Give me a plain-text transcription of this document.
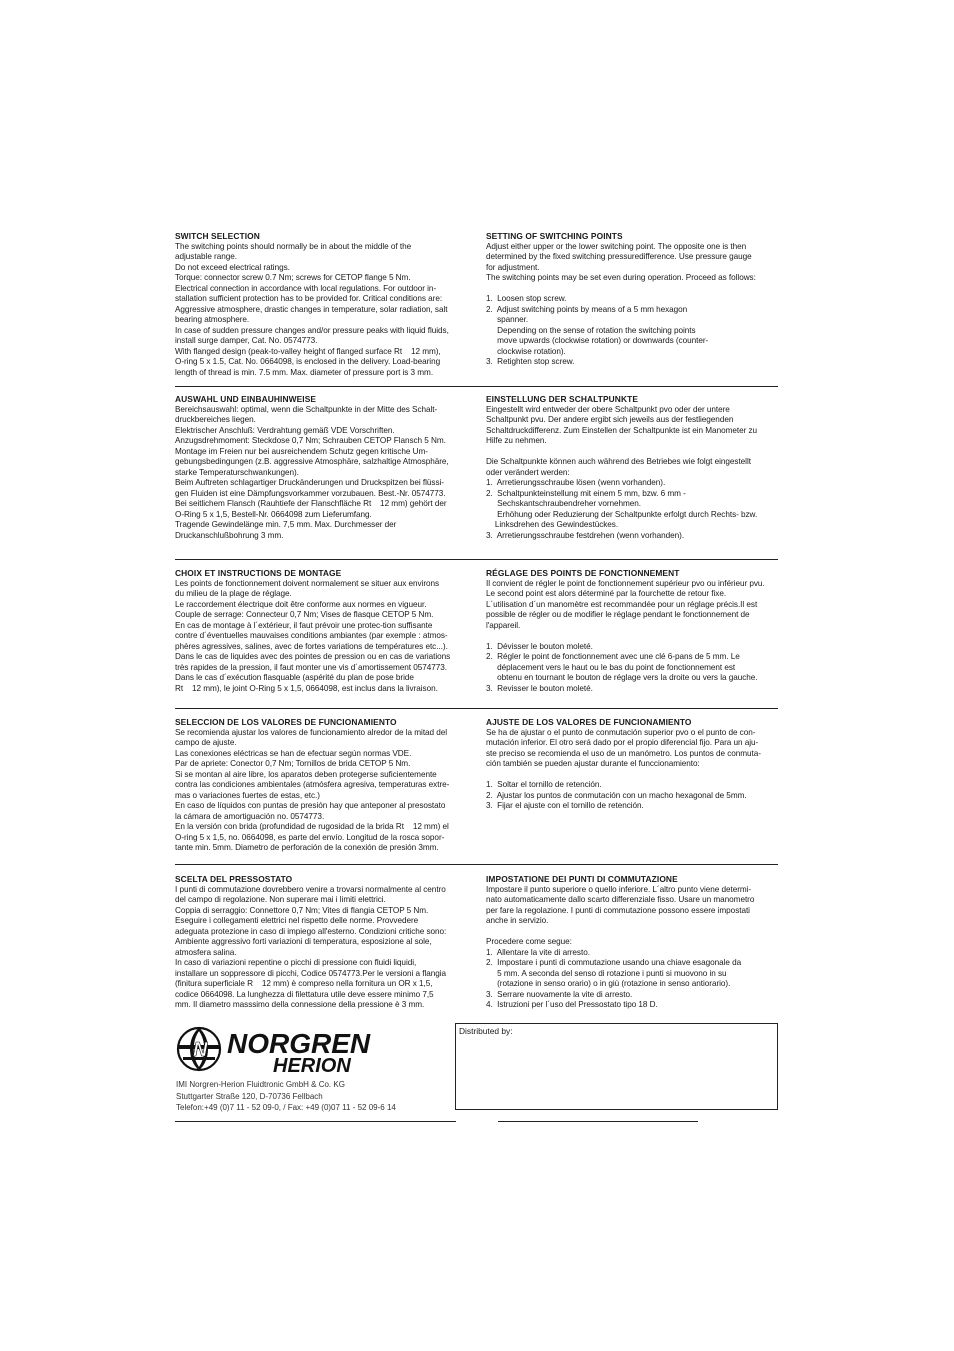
SWITCH SELECTION

The switching points should normally be in about the middle of the

adjustable range.

Do not exceed electrical ratings.

Torque: connector screw 0.7 Nm; screws for CETOP flange 5 Nm.

Electrical connection in accordance with local regulations. For outdoor in-

stallation sufficient protection has to be provided for. Critical conditions are:

Aggressive atmosphere, drastic changes in temperature, solar radiation, salt

bearing atmosphere.

In case of sudden pressure changes and/or pressure peaks with liquid fluids,

install surge damper, Cat. No. 0574773.

With flanged design (peak-to-valley height of flanged surface Rt    12 mm),

O-ring 5 x 1.5, Cat. No. 0664098, is enclosed in the delivery. Load-bearing

length of thread is min. 7.5 mm. Max. diameter of pressure port is 3 mm.

SETTING OF SWITCHING POINTS

Adjust either upper or the lower switching point. The opposite one is then

determined by the fixed switching pressuredifference. Use pressure gauge

for adjustment.

The switching points may be set even during operation. Proceed as follows:

1.  Loosen stop screw.

2.  Adjust switching points by means of a 5 mm hexagon

spanner.

Depending on the sense of rotation the switching points

move upwards (clockwise rotation) or downwards (counter-

clockwise rotation).

3.  Retighten stop screw.

AUSWAHL UND EINBAUHINWEISE

Bereichsauswahl: optimal, wenn die Schaltpunkte in der Mitte des Schalt-

druckbereiches liegen.

Elektrischer Anschluß: Verdrahtung gemäß VDE Vorschriften.

Anzugsdrehmoment: Steckdose 0,7 Nm; Schrauben CETOP Flansch 5 Nm.

Montage im Freien nur bei ausreichendem Schutz gegen kritische Um-

gebungsbedingungen (z.B. aggressive Atmosphäre, salzhaltige Atmosphäre,

starke Temperaturschwankungen).

Beim Auftreten schlagartiger Druckänderungen und Druckspitzen bei flüssi-

gen Fluiden ist eine Dämpfungsvorkammer vorzubauen. Best.-Nr. 0574773.

Bei seitlichem Flansch (Rauhtiefe der Flanschfläche Rt    12 mm) gehört der

O-Ring 5 x 1,5, Bestell-Nr. 0664098 zum Lieferumfang.

Tragende Gewindelänge min. 7,5 mm. Max. Durchmesser der

Druckanschlußbohrung 3 mm.

EINSTELLUNG DER SCHALTPUNKTE

Eingestellt wird entweder der obere Schaltpunkt pvo oder der untere

Schaltpunkt pvu. Der andere ergibt sich jeweils aus der festliegenden

Schaltdruckdifferenz. Zum Einstellen der Schaltpunkte ist ein Manometer zu

Hilfe zu nehmen.

Die Schaltpunkte können auch während des Betriebes wie folgt eingestellt

oder verändert werden:

1.  Arretierungsschraube lösen (wenn vorhanden).

2.  Schaltpunkteinstellung mit einem 5 mm, bzw. 6 mm -

Sechskantschraubendreher vornehmen.

Erhöhung oder Reduzierung der Schaltpunkte erfolgt durch Rechts- bzw.

Linksdrehen des Gewindestückes.

3.  Arretierungsschraube festdrehen (wenn vorhanden).

CHOIX ET INSTRUCTIONS DE MONTAGE

Les points de fonctionnement doivent normalement se situer aux environs

du milieu de la plage de réglage.

Le raccordement électrique doit être conforme aux normes en vigueur.

Couple de serrage: Connecteur 0,7 Nm; Vises de flasque CETOP 5 Nm.

En cas de montage à l´extérieur, il faut prévoir une protec-tion suffisante

contre d´éventuelles mauvaises conditions ambiantes (par exemple : atmos-

phères agressives, salines, avec de fortes variations de températures etc...).

Dans le cas de liquides avec des pointes de pression ou en cas de variations

très rapides de la pression, il faut monter une vis d´amortissement 0574773.

Dans le cas d´exécution flasquable (aspérité du plan de pose bride

Rt    12 mm), le joint O-Ring 5 x 1,5, 0664098, est inclus dans la livraison.

RÉGLAGE DES POINTS DE FONCTIONNEMENT

Il convient de régler le point de fonctionnement supérieur pvo ou inférieur pvu.

Le second point est alors déterminé par la fourchette de retour fixe.

L´utilisation d´un manomètre est recommandée pour un réglage précis.Il est

possible de régler ou de modifier le réglage pendant le fonctionnement de

l'appareil.

1.  Dévisser le bouton moleté.

2.  Régler le point de fonctionnement avec une clé 6-pans de 5 mm. Le

déplacement vers le haut ou le bas du point de fonctionnement est

obtenu en tournant le bouton de réglage vers la droite ou vers la gauche.

3.  Revisser le bouton moleté.

SELECCION DE LOS VALORES DE FUNCIONAMIENTO

Se recomienda ajustar los valores de funcionamiento alredor de la mitad del

campo de ajuste.

Las conexiones eléctricas se han de efectuar según normas VDE.

Par de apriete: Conector 0,7 Nm; Tornillos de brida CETOP 5 Nm.

Si se montan al aire libre, los aparatos deben protegerse suficientemente

contra las condiciones ambientales (atmósfera agresiva, temperaturas extre-

mas o variaciones fuertes de estas, etc.)

En caso de líquidos con puntas de presión hay que anteponer al presostato

la cámara de amortiguación no. 0574773.

En la versión con brida (profundidad de rugosidad de la brida Rt    12 mm) el

O-ring 5 x 1,5, no. 0664098, es parte del envío. Longitud de la rosca sopor-

tante min. 5mm. Diametro de perforación de la conexión de presión 3mm.

AJUSTE DE LOS VALORES DE FUNCIONAMIENTO

Se ha de ajustar o el punto de conmutación superior pvo o el punto de con-

mutación inferior. El otro será dado por el propio diferencial fijo. Para un aju-

ste preciso se recomienda el uso de un manómetro. Los puntos de conmuta-

ción también se pueden ajustar durante el funccionamiento:

1.  Soltar el tornillo de retención.

2.  Ajustar los puntos de conmutación con un macho hexagonal de 5mm.

3.  Fijar el ajuste con el tornillo de retención.

SCELTA DEL PRESSOSTATO

I punti di commutazione dovrebbero venire a trovarsi normalmente al centro

del campo di regolazione. Non superare mai i limiti elettrici.

Coppia di serraggio: Connettore 0,7 Nm; Vites di flangia CETOP 5 Nm.

Eseguire i collegamenti elettrici nel rispetto delle norme. Provvedere

adeguata protezione in caso di impiego all'esterno. Condizioni critiche sono:

Ambiente aggressivo forti variazioni di temperatura, esposizione al sole,

atmosfera salina.

In caso di variazioni repentine o picchi di pressione con fluidi liquidi,

installare un soppressore di picchi, Codice 0574773.Per le versioni a flangia

(finitura superficiale R    12 mm) è compreso nella fornitura un OR x 1,5,

codice 0664098. La lunghezza di filettatura utile deve essere minimo 7,5

mm. Il diametro masssimo della connessione della pressione è 3 mm.

IMPOSTATIONE DEI PUNTI DI COMMUTAZIONE

Impostare il punto superiore o quello inferiore. L´altro punto viene determi-

nato automaticamente dallo scarto differenziale fisso. Usare un manometro

per fare la regolazione. I punti di commutazione possono essere impostati

anche in servizio.

Procedere come segue:

1.  Allentare la vite di arresto.

2.  Impostare i punti di commutazione usando una chiave esagonale da

5 mm. A seconda del senso di rotazione i punti si muovono in su

(rotazione in senso orario) o in giù (rotazione in senso antiorario).

3.  Serrare nuovamente la vite di arresto.

4.  Istruzioni per l´uso del Pressostato tipo 18 D.

N NORGREN
HERION

IMI Norgren-Herion Fluidtronic GmbH & Co. KG

Stuttgarter Straße 120, D-70736 Fellbach

Telefon:+49 (0)7 11 - 52 09-0, / Fax: +49 (0)07 11 - 52 09-6 14

Distributed by:
